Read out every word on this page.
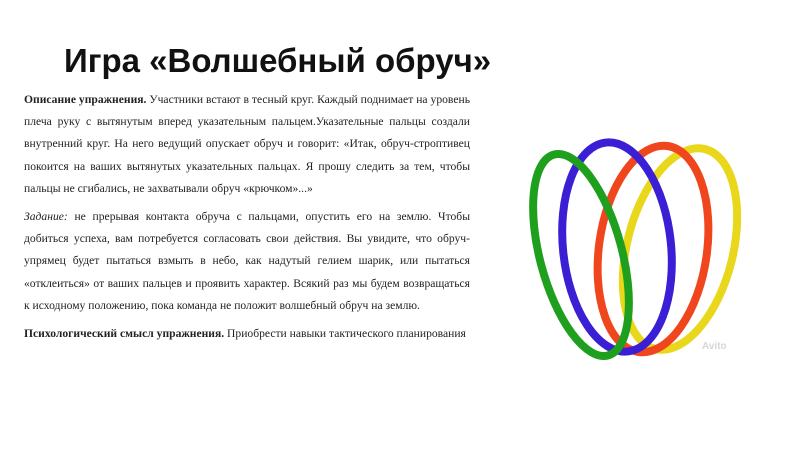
Игра «Волшебный обруч»

Описание упражнения. Участники встают в тесный круг. Каждый поднимает на уровень плеча руку с вытянутым вперед указательным пальцем.Указательные пальцы создали внутренний круг. На него ведущий опускает обруч и говорит: «Итак, обруч-строптивец покоится на ваших вытянутых указательных пальцах. Я прошу следить за тем, чтобы пальцы не сгибались, не захватывали обруч «крючком»...»

Задание: не прерывая контакта обруча с пальцами, опустить его на землю. Чтобы добиться успеха, вам потребуется согласовать свои действия. Вы увидите, что обруч-упрямец будет пытаться взмыть в небо, как надутый гелием шарик, или пытаться «отклеиться» от ваших пальцев и проявить характер. Всякий раз мы будем возвращаться к исходному положению, пока команда не положит волшебный обруч на землю.

Психологический смысл упражнения. Приобрести навыки тактического планирования

Avito
